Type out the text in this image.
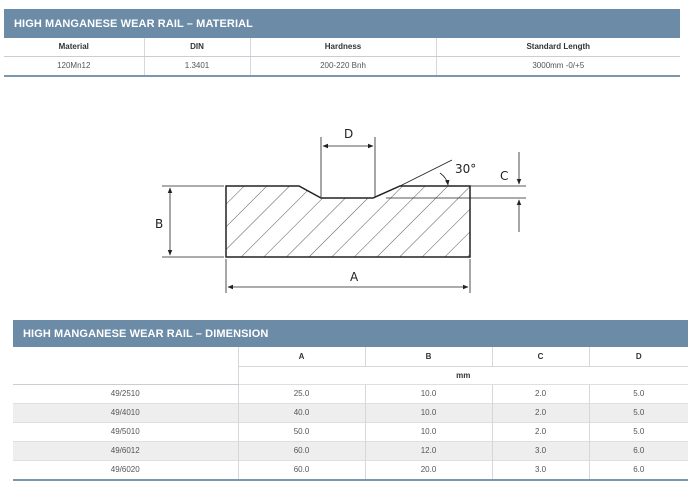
HIGH MANGANESE WEAR RAIL – MATERIAL
Material	DIN	Hardness	Standard Length
120Mn12	1.3401	200-220 Bnh	3000mm -0/+5
D
30° C
B
A
HIGH MANGANESE WEAR RAIL – DIMENSION
	A	B	C	D
	mm			
49/2510	25.0	10.0	2.0	5.0
49/4010	40.0	10.0	2.0	5.0
49/5010	50.0	10.0	2.0	5.0
49/6012	60.0	12.0	3.0	6.0
49/6020	60.0	20.0	3.0	6.0
